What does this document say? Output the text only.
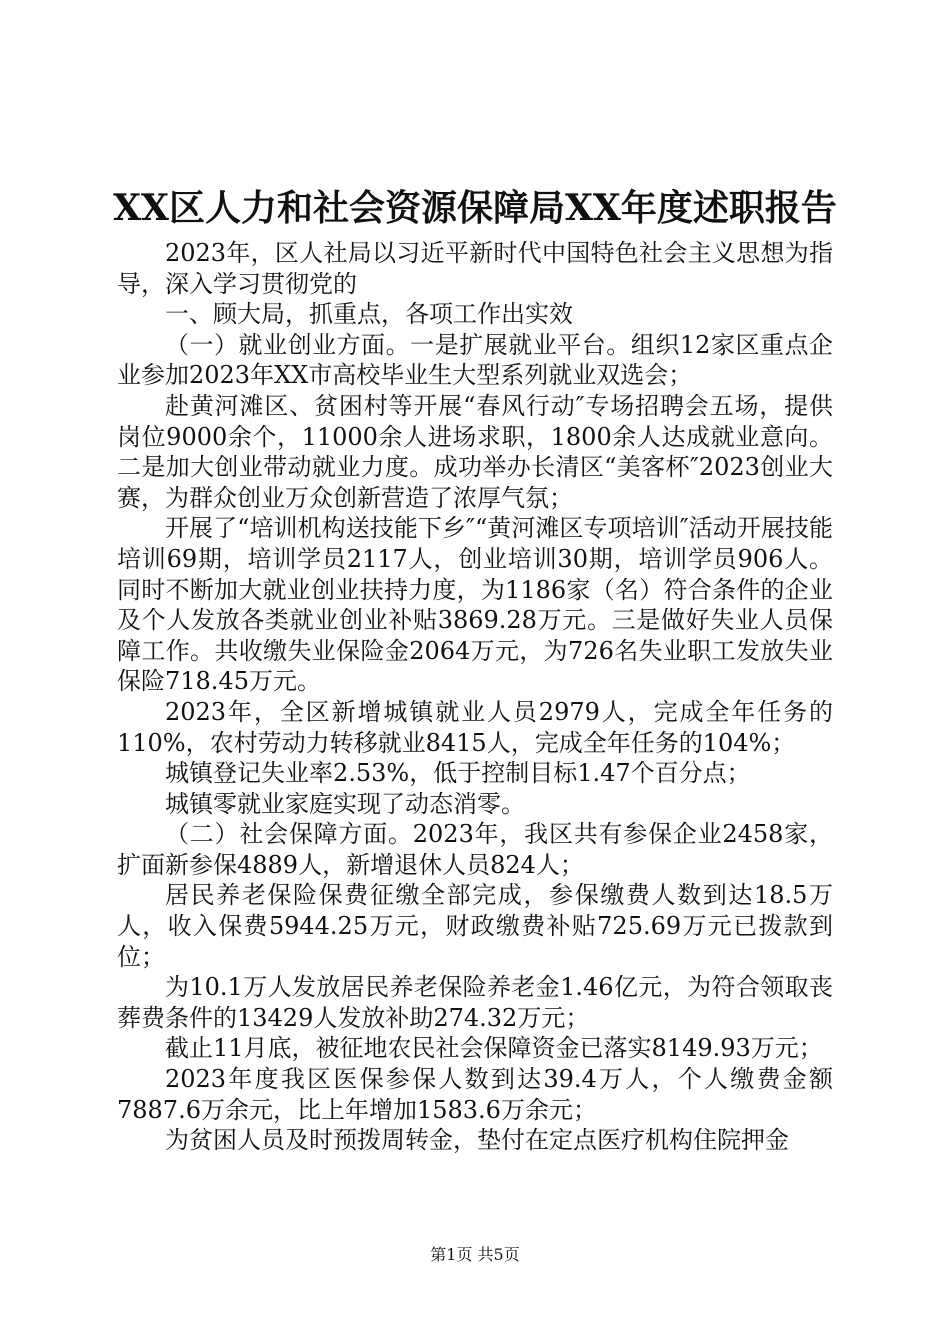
XX区人力和社会资源保障局XX年度述职报告

2023年，区人社局以习近平新时代中国特色社会主义思想为指导，深入学习贯彻党的

一、顾大局，抓重点，各项工作出实效

（一）就业创业方面。一是扩展就业平台。组织12家区重点企业参加2023年XX市高校毕业生大型系列就业双选会；

赴黄河滩区、贫困村等开展“春风行动″专场招聘会五场，提供岗位9000余个，11000余人进场求职，1800余人达成就业意向。二是加大创业带动就业力度。成功举办长清区“美客杯″2023创业大赛，为群众创业万众创新营造了浓厚气氛；

开展了“培训机构送技能下乡″“黄河滩区专项培训″活动开展技能培训69期，培训学员2117人，创业培训30期，培训学员906人。同时不断加大就业创业扶持力度，为1186家（名）符合条件的企业及个人发放各类就业创业补贴3869.28万元。三是做好失业人员保障工作。共收缴失业保险金2064万元，为726名失业职工发放失业保险718.45万元。

2023年，全区新增城镇就业人员2979人，完成全年任务的110%，农村劳动力转移就业8415人，完成全年任务的104%；

城镇登记失业率2.53%，低于控制目标1.47个百分点；

城镇零就业家庭实现了动态消零。

（二）社会保障方面。2023年，我区共有参保企业2458家，扩面新参保4889人，新增退休人员824人；

居民养老保险保费征缴全部完成，参保缴费人数到达18.5万人，收入保费5944.25万元，财政缴费补贴725.69万元已拨款到位；

为10.1万人发放居民养老保险养老金1.46亿元，为符合领取丧葬费条件的13429人发放补助274.32万元；

截止11月底，被征地农民社会保障资金已落实8149.93万元；

2023年度我区医保参保人数到达39.4万人，个人缴费金额7887.6万余元，比上年增加1583.6万余元；

为贫困人员及时预拨周转金，垫付在定点医疗机构住院押金

第1页 共5页
